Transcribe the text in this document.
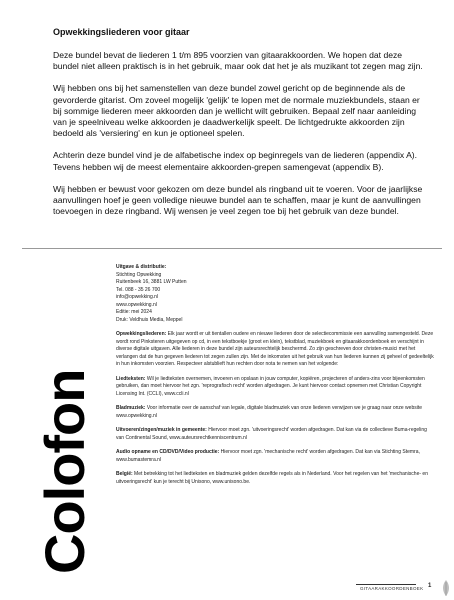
Opwekkingsliederen voor gitaar

Deze bundel bevat de liederen 1 t/m 895 voorzien van gitaarakkoorden. We hopen dat deze bundel niet alleen praktisch is in het gebruik, maar ook dat het je als muzikant tot zegen mag zijn.

Wij hebben ons bij het samenstellen van deze bundel zowel gericht op de beginnende als de gevorderde gitarist. Om zoveel mogelijk 'gelijk' te lopen met de normale muziekbundels, staan er bij sommige liederen meer akkoorden dan je wellicht wilt gebruiken. Bepaal zelf naar aanleiding van je speelniveau welke akkoorden je daadwerkelijk speelt. De lichtgedrukte akkoorden zijn bedoeld als 'versiering' en kun je optioneel spelen.

Achterin deze bundel vind je de alfabetische index op beginregels van de liederen (appendix A). Tevens hebben wij de meest elementaire akkoorden-grepen samengevat (appendix B).

Wij hebben er bewust voor gekozen om deze bundel als ringband uit te voeren. Voor de jaarlijkse aanvullingen hoef je geen volledige nieuwe bundel aan te schaffen, maar je kunt de aanvullingen toevoegen in deze ringband. Wij wensen je veel zegen toe bij het gebruik van deze bundel.

Colofon
Uitgave & distributie:
Stichting Opwekking
Ruitenbeek 16, 3881 LW Putten
Tel. 088 - 35 26 700
info@opwekking.nl
www.opwekking.nl
Editie: mei 2024
Druk: Veldhuis Media, Meppel
Opwekkingsliederen: Elk jaar wordt er uit tientallen oudere en nieuwe liederen door de selectiecommissie een aanvulling samengesteld. Deze wordt rond Pinksteren uitgegeven op cd, in een tekstboekje (groot en klein), tekstblad, muziekboek en gitaarakkoordenboek en verschijnt in diverse digitale uitgaven. Alle liederen in deze bundel zijn auteursrechtelijk beschermd. Zo zijn geschreven door christen-musici met het verlangen dat de hun gegeven liederen tot zegen zullen zijn. Met de inkomsten uit het gebruik van hun liederen kunnen zij geheel of gedeeltelijk in hun inkomsten voorzien. Respecteer alstublieft hun rechten door nota te nemen van het volgende:
Liedteksten: Wil je liedteksten overnemen, invoeren en opslaan in jouw computer, kopiëren, projecteren of anders-zins voor bijeenkomsten gebruiken, dan moet hiervoor het zgn. 'reprografisch recht' worden afgedragen. Je kunt hiervoor contact opnemen met Christian Copyright Licensing Int. (CCLI), www.ccli.nl
Bladmuziek: Voor informatie over de aanschaf van legale, digitale bladmuziek van onze liederen verwijzen we je graag naar onze website www.opwekking.nl
Uitvoeren/zingen/muziek in gemeente: Hiervoor moet zgn. 'uitvoeringsrecht' worden afgedragen. Dat kan via de collectieve Buma-regeling van Continental Sound, www.auteursrechtkenniscentrum.nl
Audio opname en CD/DVD/Video productie: Hiervoor moet zgn. 'mechanische recht' worden afgedragen. Dat kan via Stichting Stemra, www.bumastemra.nl
België: Met betrekking tot het liedteksten en bladmuziek gelden dezelfde regels als in Nederland. Voor het regelen van het 'mechanische- en uitvoeringsrecht' kun je terecht bij Unisono, www.unisono.be.
GITAARAKKOORDENBOEK 1
